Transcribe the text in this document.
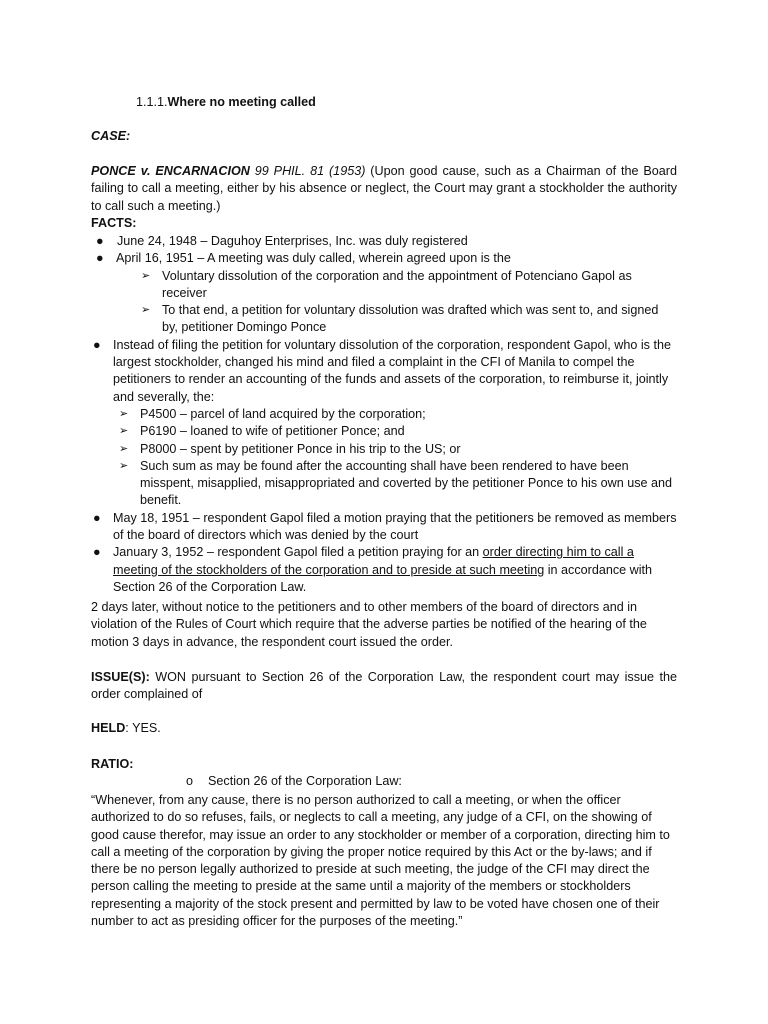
1.1.1.Where no meeting called
CASE:
PONCE v. ENCARNACION 99 PHIL. 81 (1953) (Upon good cause, such as a Chairman of the Board failing to call a meeting, either by his absence or neglect, the Court may grant a stockholder the authority to call such a meeting.)
FACTS:
● June 24, 1948 – Daguhoy Enterprises, Inc. was duly registered
● April 16, 1951 – A meeting was duly called, wherein agreed upon is the
➢ Voluntary dissolution of the corporation and the appointment of Potenciano Gapol as receiver
➢ To that end, a petition for voluntary dissolution was drafted which was sent to, and signed by, petitioner Domingo Ponce
● Instead of filing the petition for voluntary dissolution of the corporation, respondent Gapol, who is the largest stockholder, changed his mind and filed a complaint in the CFI of Manila to compel the petitioners to render an accounting of the funds and assets of the corporation, to reimburse it, jointly and severally, the:
➢ P4500 – parcel of land acquired by the corporation;
➢ P6190 – loaned to wife of petitioner Ponce; and
➢ P8000 – spent by petitioner Ponce in his trip to the US; or
➢ Such sum as may be found after the accounting shall have been rendered to have been misspent, misapplied, misappropriated and coverted by the petitioner Ponce to his own use and benefit.
● May 18, 1951 – respondent Gapol filed a motion praying that the petitioners be removed as members of the board of directors which was denied by the court
● January 3, 1952 – respondent Gapol filed a petition praying for an order directing him to call a meeting of the stockholders of the corporation and to preside at such meeting in accordance with Section 26 of the Corporation Law.
2 days later, without notice to the petitioners and to other members of the board of directors and in violation of the Rules of Court which require that the adverse parties be notified of the hearing of the motion 3 days in advance, the respondent court issued the order.
ISSUE(S): WON pursuant to Section 26 of the Corporation Law, the respondent court may issue the order complained of
HELD: YES.
RATIO:
o Section 26 of the Corporation Law:
“Whenever, from any cause, there is no person authorized to call a meeting, or when the officer authorized to do so refuses, fails, or neglects to call a meeting, any judge of a CFI, on the showing of good cause therefor, may issue an order to any stockholder or member of a corporation, directing him to call a meeting of the corporation by giving the proper notice required by this Act or the by-laws; and if there be no person legally authorized to preside at such meeting, the judge of the CFI may direct the person calling the meeting to preside at the same until a majority of the members or stockholders representing a majority of the stock present and permitted by law to be voted have chosen one of their number to act as presiding officer for the purposes of the meeting.”
